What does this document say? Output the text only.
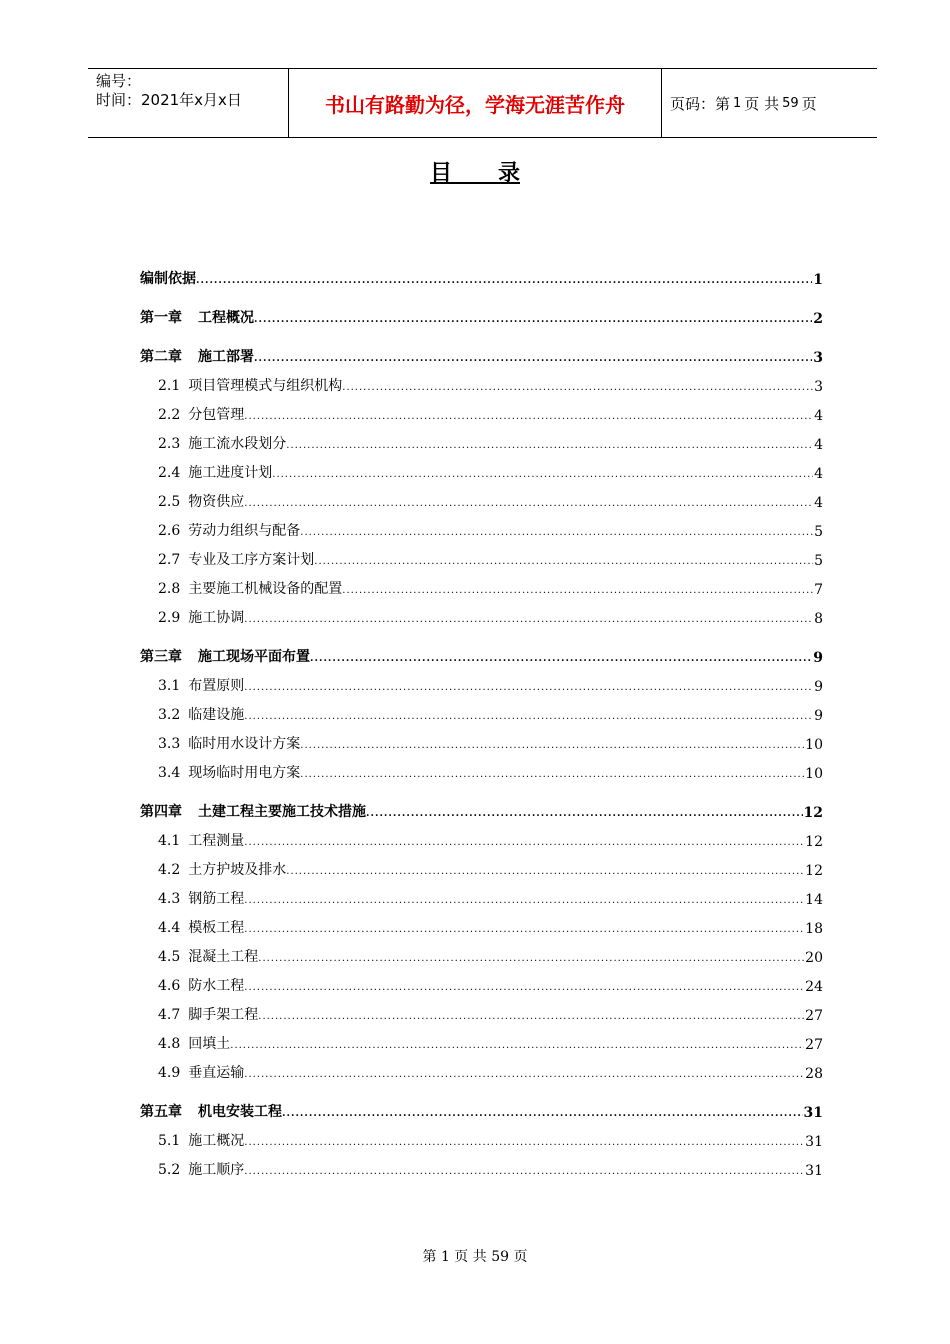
编号：
时间：2021年x月x日	书山有路勤为径，学海无涯苦作舟	页码：第 1 页 共 59 页
目      录
编制依据 .....	1
第一章 工程概况 .....	2
第二章 施工部署 .....	3
2.1 项目管理模式与组织机构 .....	3
2.2 分包管理 .....	4
2.3 施工流水段划分 .....	4
2.4 施工进度计划 .....	4
2.5 物资供应 .....	4
2.6 劳动力组织与配备 .....	5
2.7 专业及工序方案计划 .....	5
2.8 主要施工机械设备的配置 .....	7
2.9 施工协调 .....	8
第三章 施工现场平面布置 .....	9
3.1 布置原则 .....	9
3.2 临建设施 .....	9
3.3 临时用水设计方案 .....	10
3.4 现场临时用电方案 .....	10
第四章 土建工程主要施工技术措施 .....	12
4.1 工程测量 .....	12
4.2 土方护坡及排水 .....	12
4.3 钢筋工程 .....	14
4.4 模板工程 .....	18
4.5 混凝土工程 .....	20
4.6 防水工程 .....	24
4.7 脚手架工程 .....	27
4.8 回填土 .....	27
4.9 垂直运输 .....	28
第五章 机电安装工程 .....	31
5.1 施工概况 .....	31
5.2 施工顺序 .....	31
第 1 页 共 59 页
